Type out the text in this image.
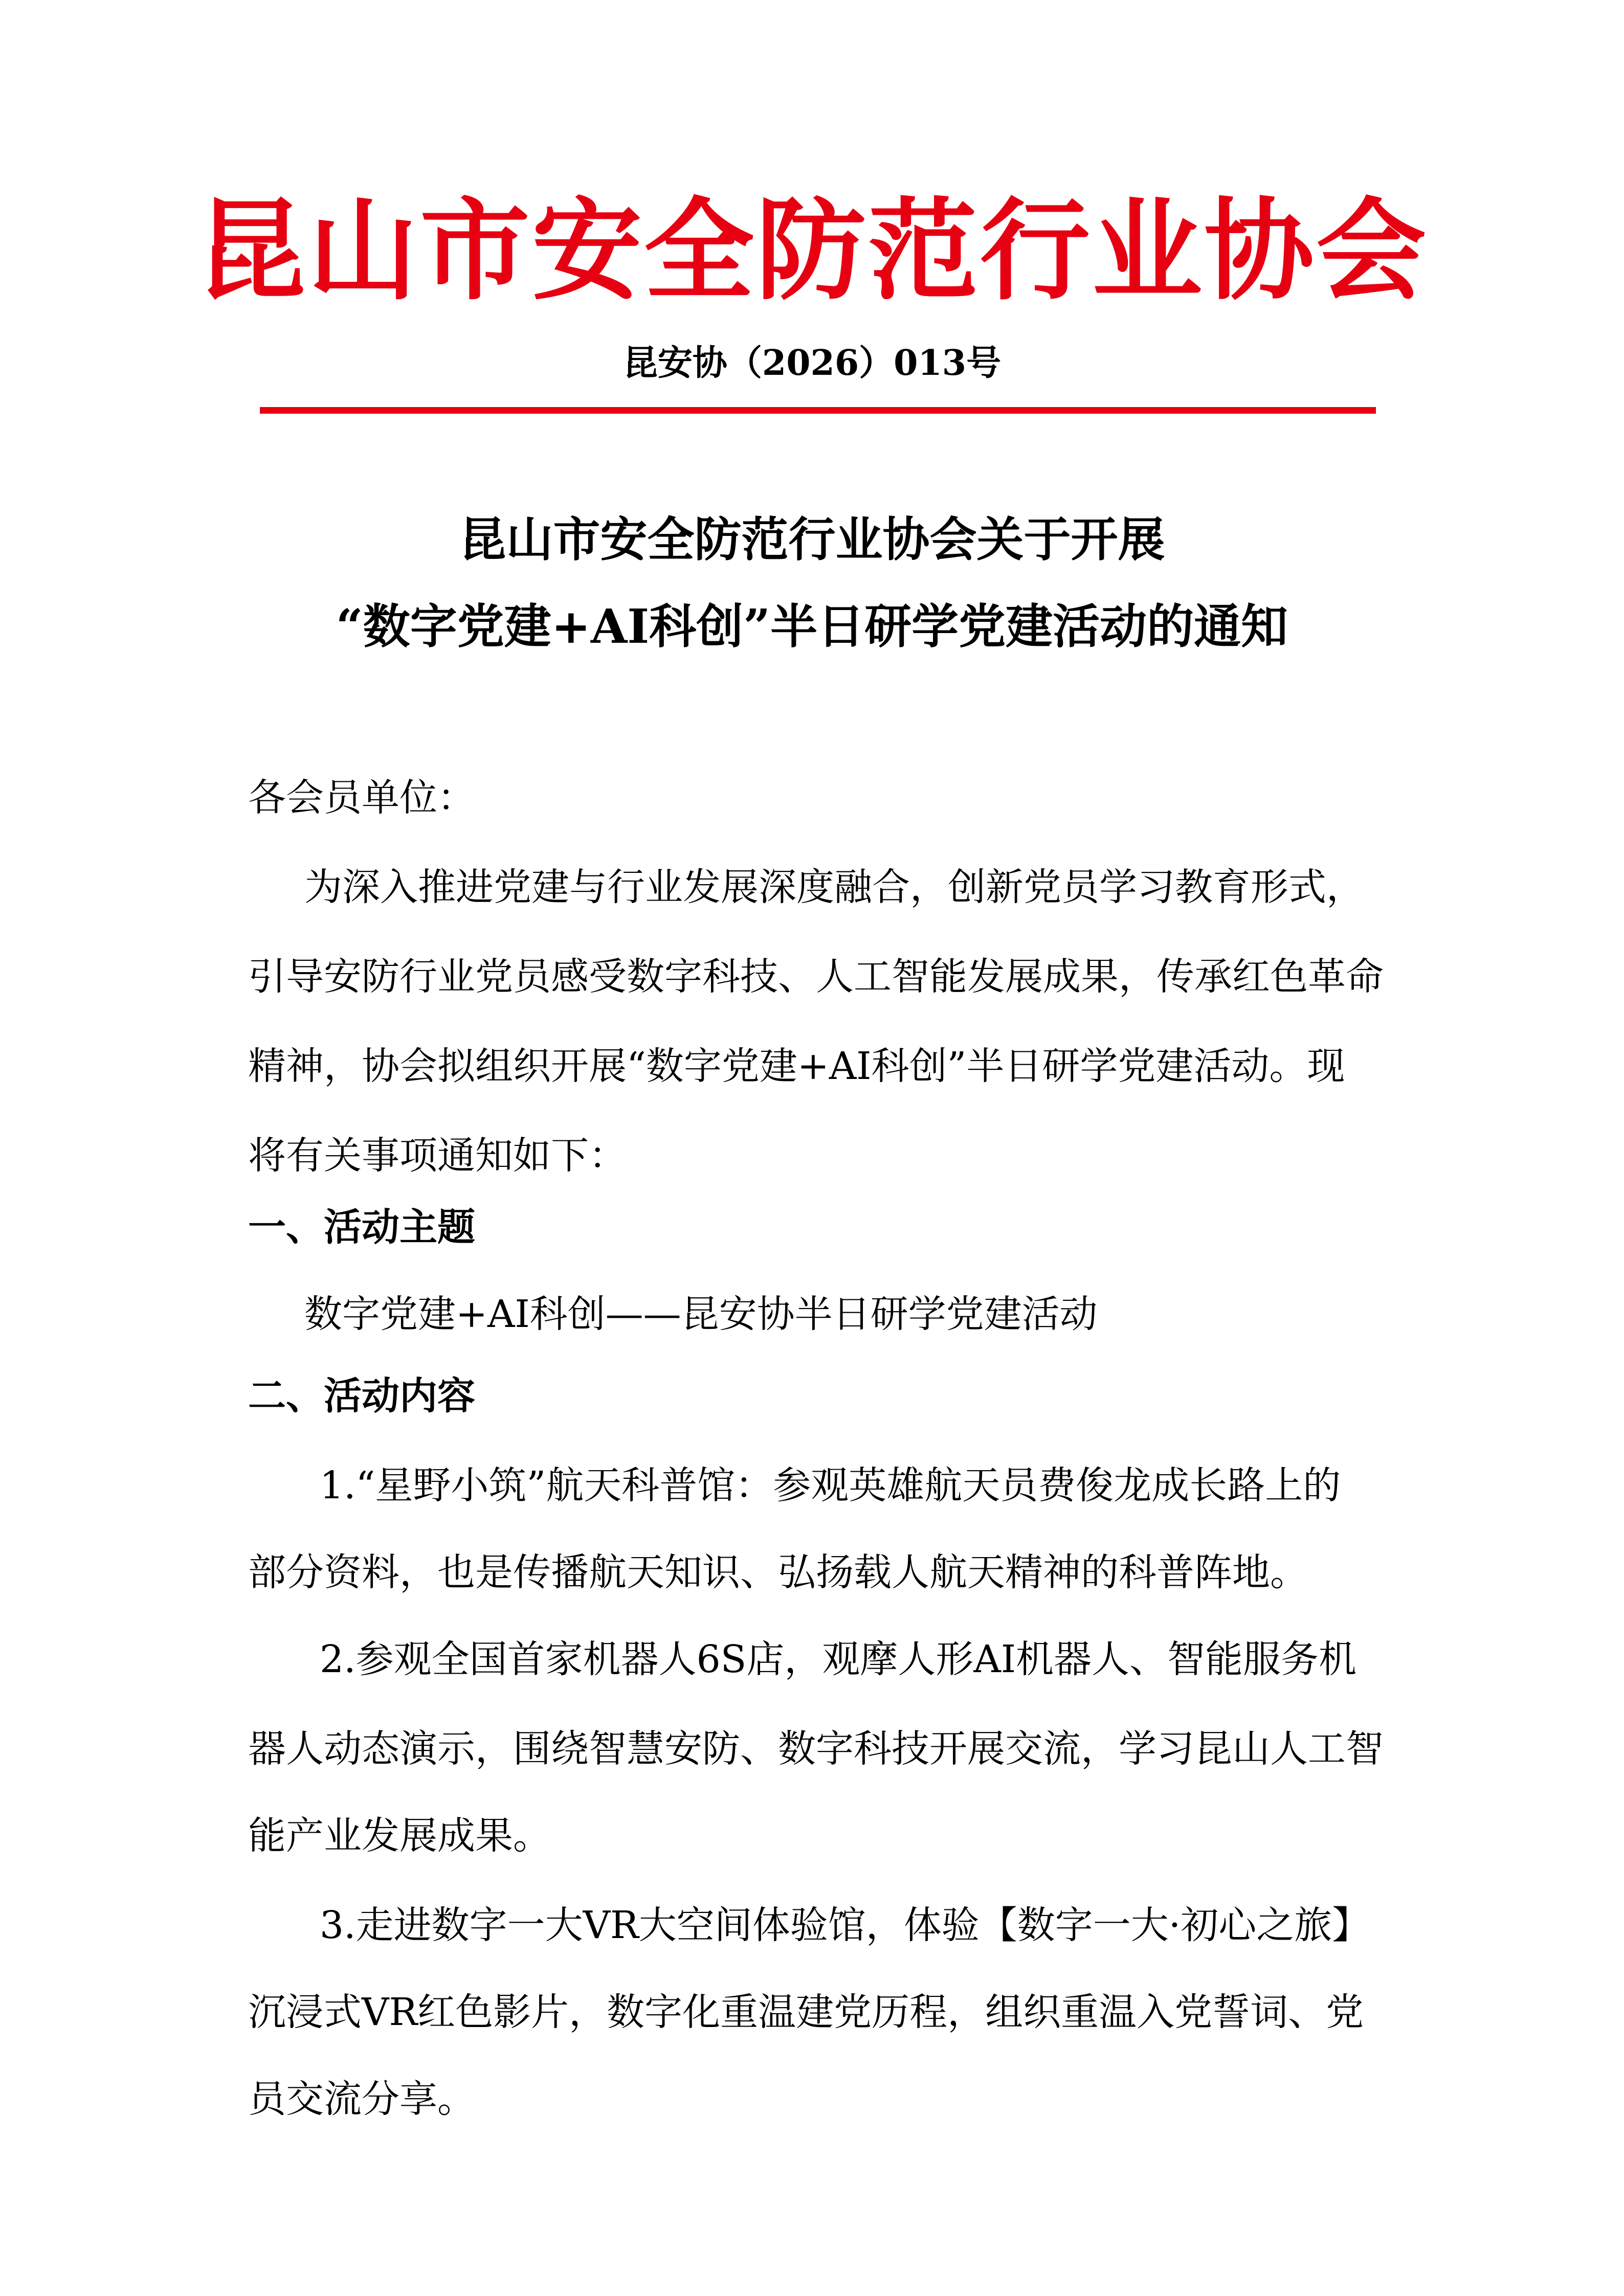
昆山市安全防范行业协会
昆安协（2026）013号
昆山市安全防范行业协会关于开展
“数字党建+AI科创”半日研学党建活动的通知
各会员单位：
为深入推进党建与行业发展深度融合，创新党员学习教育形式，
引导安防行业党员感受数字科技、人工智能发展成果，传承红色革命
精神，协会拟组织开展“数字党建+AI科创”半日研学党建活动。现
将有关事项通知如下：
一、活动主题
数字党建+AI科创——昆安协半日研学党建活动
二、活动内容
1.“星野小筑”航天科普馆：参观英雄航天员费俊龙成长路上的
部分资料，也是传播航天知识、弘扬载人航天精神的科普阵地。
2.参观全国首家机器人6S店，观摩人形AI机器人、智能服务机
器人动态演示，围绕智慧安防、数字科技开展交流，学习昆山人工智
能产业发展成果。
3.走进数字一大VR大空间体验馆，体验【数字一大·初心之旅】
沉浸式VR红色影片，数字化重温建党历程，组织重温入党誓词、党
员交流分享。
